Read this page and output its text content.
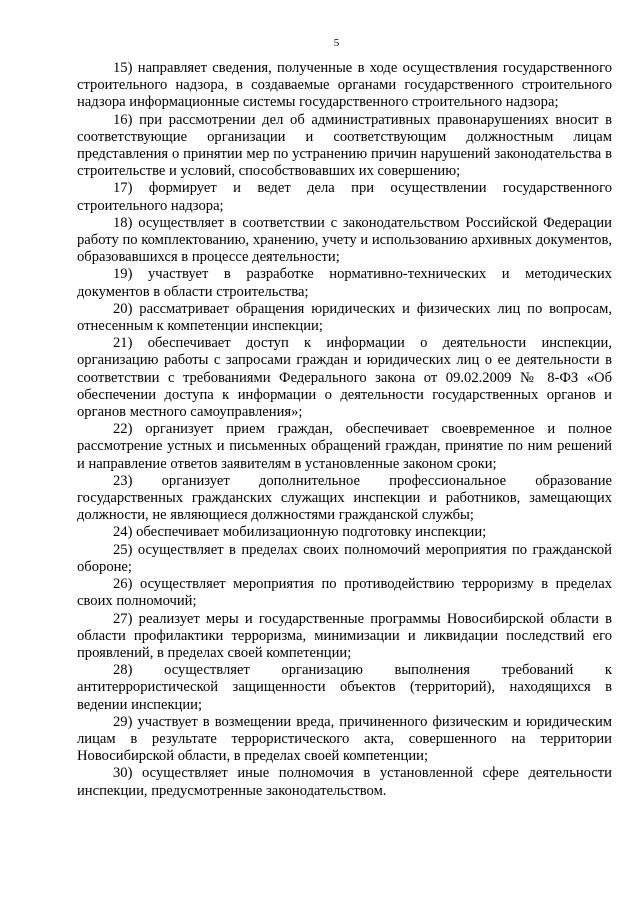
5

15) направляет сведения, полученные в ходе осуществления государственного строительного надзора, в создаваемые органами государственного строительного надзора информационные системы государственного строительного надзора;

16) при рассмотрении дел об административных правонарушениях вносит в соответствующие организации и соответствующим должностным лицам представления о принятии мер по устранению причин нарушений законодательства в строительстве и условий, способствовавших их совершению;

17) формирует и ведет дела при осуществлении государственного строительного надзора;

18) осуществляет в соответствии с законодательством Российской Федерации работу по комплектованию, хранению, учету и использованию архивных документов, образовавшихся в процессе деятельности;

19) участвует в разработке нормативно-технических и методических документов в области строительства;

20) рассматривает обращения юридических и физических лиц по вопросам, отнесенным к компетенции инспекции;

21) обеспечивает доступ к информации о деятельности инспекции, организацию работы с запросами граждан и юридических лиц о ее деятельности в соответствии с требованиями Федерального закона от 09.02.2009 № 8-ФЗ «Об обеспечении доступа к информации о деятельности государственных органов и органов местного самоуправления»;

22) организует прием граждан, обеспечивает своевременное и полное рассмотрение устных и письменных обращений граждан, принятие по ним решений и направление ответов заявителям в установленные законом сроки;

23) организует дополнительное профессиональное образование государственных гражданских служащих инспекции и работников, замещающих должности, не являющиеся должностями гражданской службы;

24) обеспечивает мобилизационную подготовку инспекции;

25) осуществляет в пределах своих полномочий мероприятия по гражданской обороне;

26) осуществляет мероприятия по противодействию терроризму в пределах своих полномочий;

27) реализует меры и государственные программы Новосибирской области в области профилактики терроризма, минимизации и ликвидации последствий его проявлений, в пределах своей компетенции;

28) осуществляет организацию выполнения требований к антитеррористической защищенности объектов (территорий), находящихся в ведении инспекции;

29) участвует в возмещении вреда, причиненного физическим и юридическим лицам в результате террористического акта, совершенного на территории Новосибирской области, в пределах своей компетенции;

30) осуществляет иные полномочия в установленной сфере деятельности инспекции, предусмотренные законодательством.
